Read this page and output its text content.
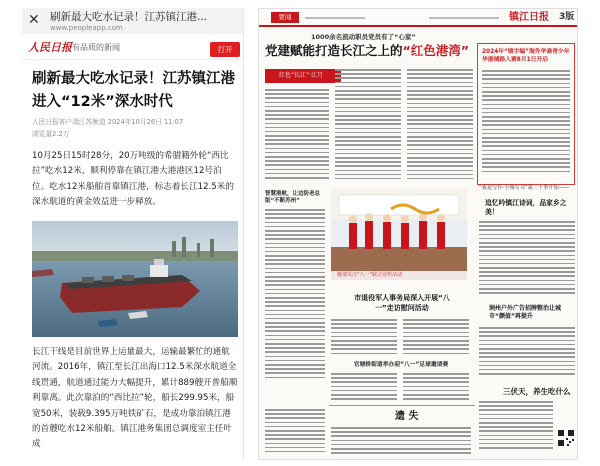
✕ 刷新最大吃水记录！江苏镇江港...
www.peopleapp.com
人民日报 有品质的新闻	打开
刷新最大吃水记录！江苏镇江港进入“12米”深水时代
人民日报客户端江苏频道 2024年10月26日 11:07
浏览量2.2万

10月25日15时28分，20万吨级的希腊籍外轮“西比拉”吃水12米，顺利停靠在镇江港大港港区12号泊位。吃水12米船舶首靠镇江港，标志着长江12.5米的深水航道的黄金效益进一步释放。

长江干线是目前世界上运量最大，运输最繁忙的通航河流。2016年，镇江至长江出海口12.5米深水航道全线贯通，航道通过能力大幅提升，累计889艘开普船顺利靠离。此次靠泊的“西比拉”轮，船长299.95米，船宽50米，装载9.395万吨铁矿石，是成功靠泊镇江港的首艘吃水12米船舶。镇江港务集团总调度室主任叶成

要闻	镇江日报 3版
1000余名流动职员党员有了“心家”
党建赋能打造长江之上的“红色港湾”
红色“长江”·江月
2024年“镇字编”海外华裔青少年华港铺路入赛8月1日开启
智慧港航，让边防老总版“不断苏州”
敬请关注“八一”联合宣传活动
市退役军人事务局深入开展“八一”走访慰问活动
官塘桥街道举办迎“八一”足球邀请赛
“我是写作·全城写书”第二十季开始——
追忆吟镇江诗词，品家乡之美！
润州户外广告招牌整治让城市“颜值”再提升
遗 失
三伏天，养生吃什么
